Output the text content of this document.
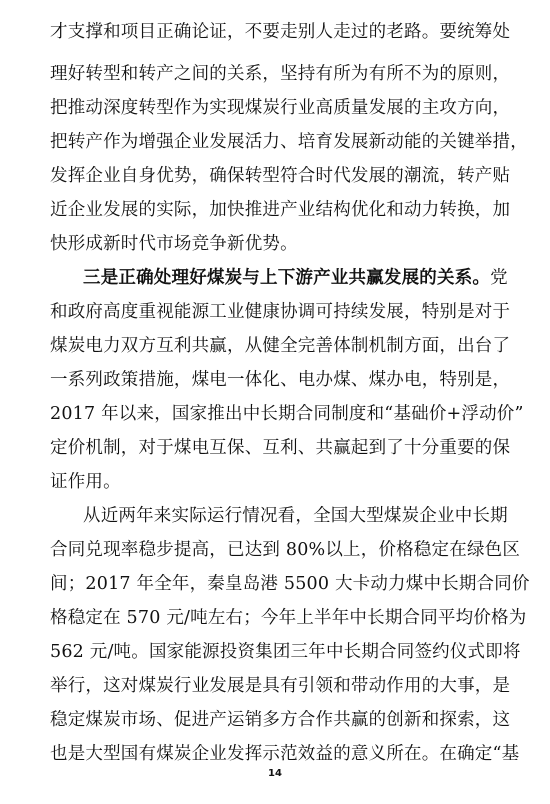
才支撑和项目正确论证，不要走别人走过的老路。要统筹处
理好转型和转产之间的关系，坚持有所为有所不为的原则，
把推动深度转型作为实现煤炭行业高质量发展的主攻方向，
把转产作为增强企业发展活力、培育发展新动能的关键举措，
发挥企业自身优势，确保转型符合时代发展的潮流，转产贴
近企业发展的实际，加快推进产业结构优化和动力转换，加
快形成新时代市场竞争新优势。
三是正确处理好煤炭与上下游产业共赢发展的关系。党
和政府高度重视能源工业健康协调可持续发展，特别是对于
煤炭电力双方互利共赢，从健全完善体制机制方面，出台了
一系列政策措施，煤电一体化、电办煤、煤办电，特别是，
2017 年以来，国家推出中长期合同制度和“基础价+浮动价”
定价机制，对于煤电互保、互利、共赢起到了十分重要的保
证作用。
从近两年来实际运行情况看，全国大型煤炭企业中长期
合同兑现率稳步提高，已达到 80%以上，价格稳定在绿色区
间；2017 年全年，秦皇岛港 5500 大卡动力煤中长期合同价
格稳定在 570 元/吨左右；今年上半年中长期合同平均价格为
562 元/吨。国家能源投资集团三年中长期合同签约仪式即将
举行，这对煤炭行业发展是具有引领和带动作用的大事，是
稳定煤炭市场、促进产运销多方合作共赢的创新和探索，这
也是大型国有煤炭企业发挥示范效益的意义所在。在确定“基
14
